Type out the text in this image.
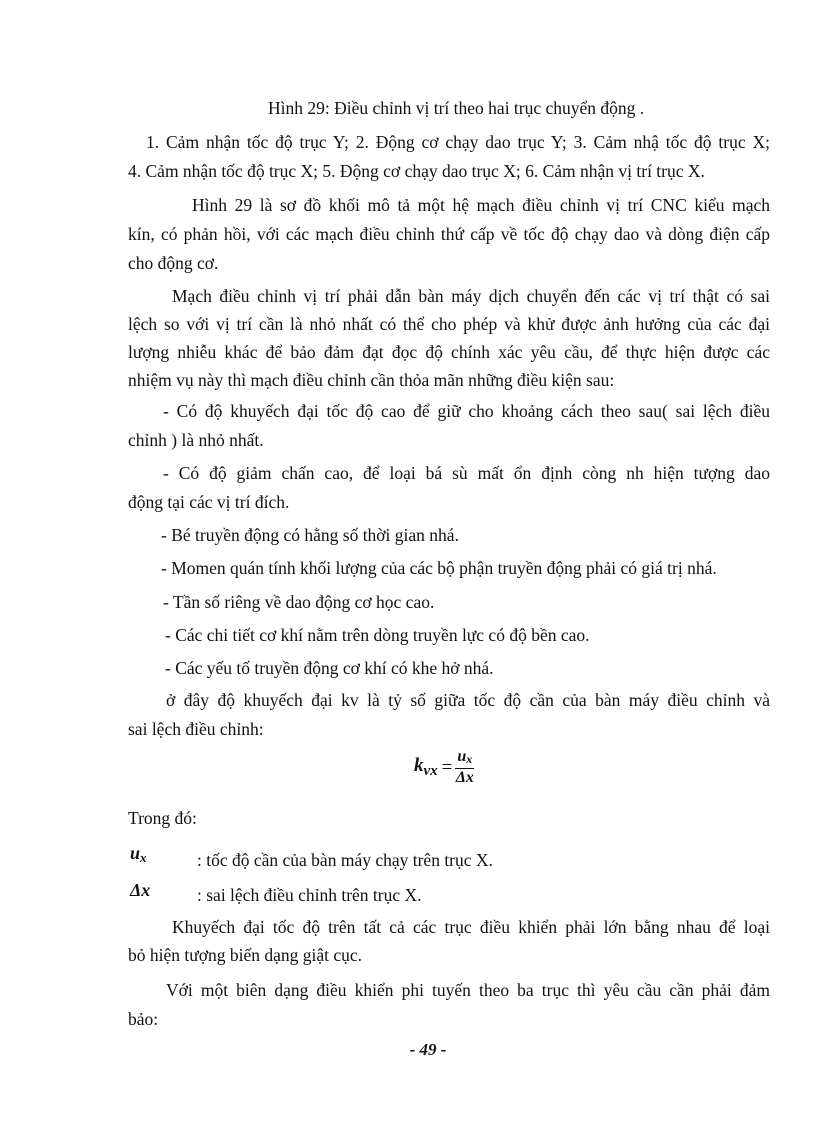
Hình 29: Điều chỉnh vị trí theo hai trục chuyển động .
1. Cảm nhận tốc độ trục Y; 2. Động cơ chạy dao trục Y; 3. Cảm nhậ tốc độ trục X;
4. Cảm nhận tốc độ trục X; 5. Động cơ chạy dao trục X; 6. Cảm nhận vị trí trục X.
Hình 29 là sơ đồ khối mô tả một hệ mạch điều chỉnh vị trí CNC kiểu mạch
kín, có phản hồi, với các mạch điều chỉnh thứ cấp về tốc độ chạy dao và dòng điện cấp
cho động cơ.
Mạch điều chỉnh vị trí phải dẫn bàn máy dịch chuyển đến các vị trí thật có sai
lệch so với vị trí cần là nhỏ nhất có thể cho phép và khử được ảnh hưởng của các đại
lượng nhiễu khác để bảo đảm đạt đọc độ chính xác yêu cầu, để thực hiện được các
nhiệm vụ này thì mạch điều chỉnh cần thỏa mãn những điều kiện sau:
- Có độ khuyếch đại tốc độ cao để giữ cho khoảng cách theo sau( sai lệch điều
chỉnh ) là nhỏ nhất.
- Có độ giảm chấn cao, để loại bá sù mất ổn định còng nh hiện tượng dao
động tại các vị trí đích.
- Bé truyền động có hằng số thời gian nhá.
- Momen quán tính khối lượng của các bộ phận truyền động phải có giá trị nhá.
- Tần số riêng về dao động cơ học cao.
- Các chi tiết cơ khí nằm trên dòng truyền lực có độ bền cao.
- Các yếu tố truyền động cơ khí có khe hở nhá.
ở đây độ khuyếch đại kv là tỷ số giữa tốc độ cần của bàn máy điều chỉnh và
sai lệch điều chỉnh:
$k_{vx} = \frac{u_x}{\Delta x}$
Trong đó:
$u_x$	: tốc độ cần của bàn máy chạy trên trục X.
Δx	: sai lệch điều chỉnh trên trục X.
Khuyếch đại tốc độ trên tất cả các trục điều khiển phải lớn bằng nhau để loại
bỏ hiện tượng biến dạng giật cục.
Với một biên dạng điều khiển phi tuyến theo ba trục thì yêu cầu cần phải đảm
bảo:
- 49 -
